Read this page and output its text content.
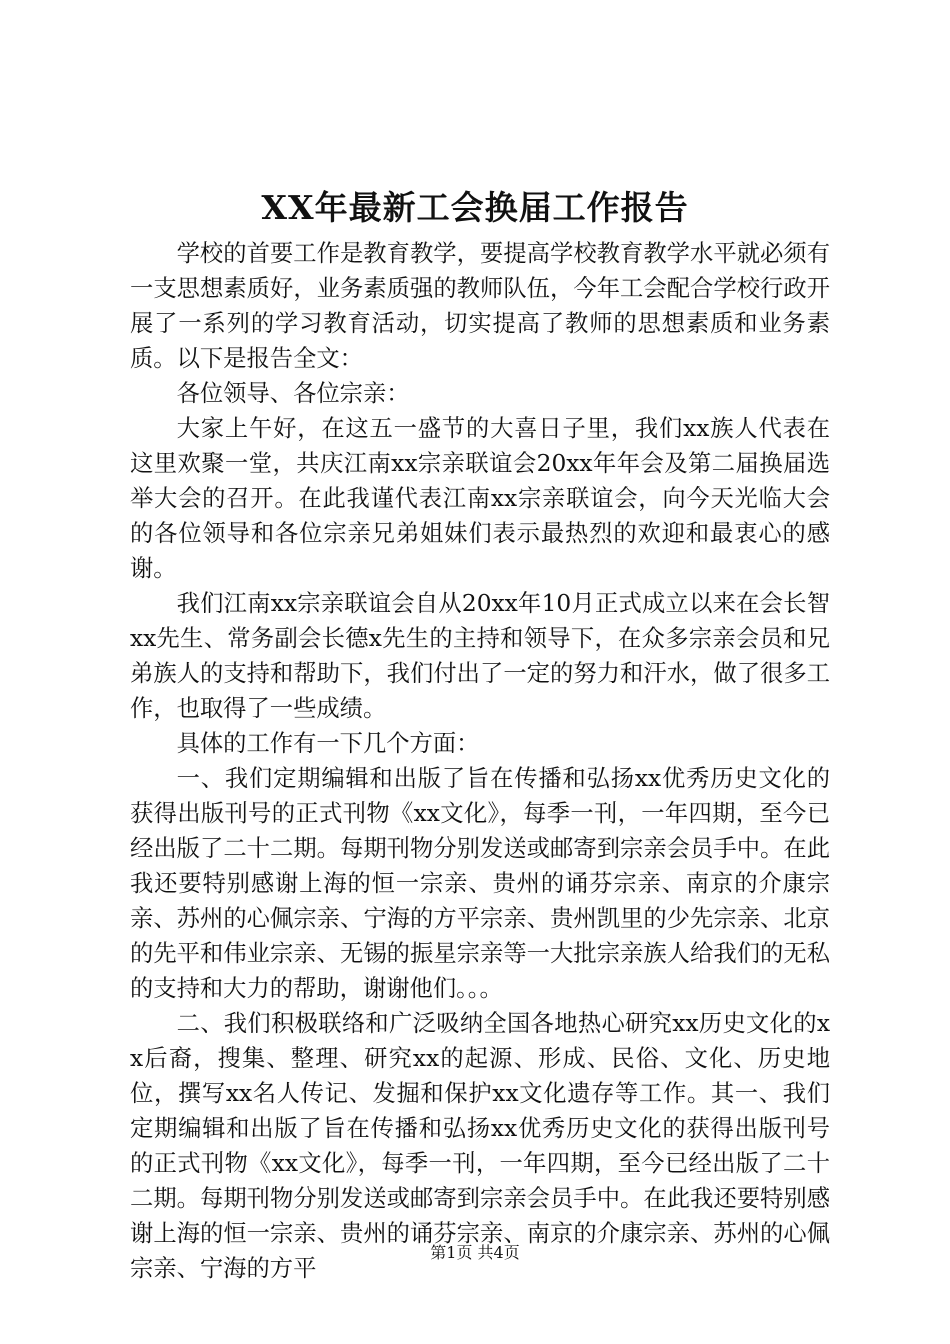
XX年最新工会换届工作报告

学校的首要工作是教育教学，要提高学校教育教学水平就必须有一支思想素质好，业务素质强的教师队伍，今年工会配合学校行政开展了一系列的学习教育活动，切实提高了教师的思想素质和业务素质。以下是报告全文：

各位领导、各位宗亲：

大家上午好，在这五一盛节的大喜日子里，我们xx族人代表在这里欢聚一堂，共庆江南xx宗亲联谊会20xx年年会及第二届换届选举大会的召开。在此我谨代表江南xx宗亲联谊会，向今天光临大会的各位领导和各位宗亲兄弟姐妹们表示最热烈的欢迎和最衷心的感谢。

我们江南xx宗亲联谊会自从20xx年10月正式成立以来在会长智xx先生、常务副会长德x先生的主持和领导下，在众多宗亲会员和兄弟族人的支持和帮助下，我们付出了一定的努力和汗水，做了很多工作，也取得了一些成绩。

具体的工作有一下几个方面：

一、我们定期编辑和出版了旨在传播和弘扬xx优秀历史文化的获得出版刊号的正式刊物《xx文化》，每季一刊，一年四期，至今已经出版了二十二期。每期刊物分别发送或邮寄到宗亲会员手中。在此我还要特别感谢上海的恒一宗亲、贵州的诵芬宗亲、南京的介康宗亲、苏州的心佩宗亲、宁海的方平宗亲、贵州凯里的少先宗亲、北京的先平和伟业宗亲、无锡的振星宗亲等一大批宗亲族人给我们的无私的支持和大力的帮助，谢谢他们。。。

二、我们积极联络和广泛吸纳全国各地热心研究xx历史文化的xx后裔，搜集、整理、研究xx的起源、形成、民俗、文化、历史地位，撰写xx名人传记、发掘和保护xx文化遗存等工作。其一、我们定期编辑和出版了旨在传播和弘扬xx优秀历史文化的获得出版刊号的正式刊物《xx文化》，每季一刊，一年四期，至今已经出版了二十二期。每期刊物分别发送或邮寄到宗亲会员手中。在此我还要特别感谢上海的恒一宗亲、贵州的诵芬宗亲、南京的介康宗亲、苏州的心佩宗亲、宁海的方平

第1页 共4页
